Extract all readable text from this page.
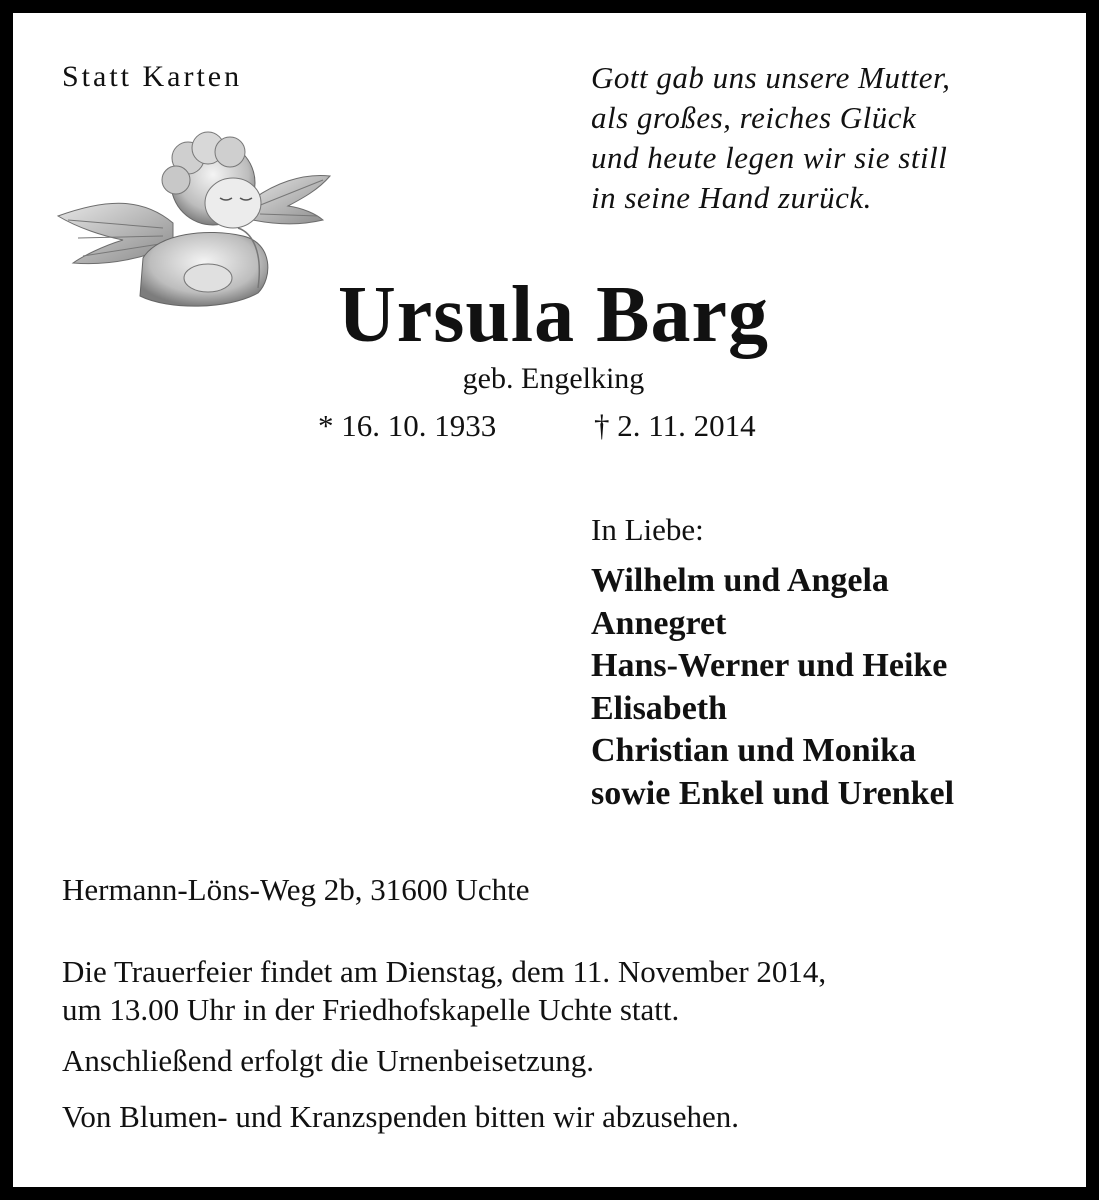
Statt Karten	Gott gab uns unsere Mutter,
als großes, reiches Glück
und heute legen wir sie still
in seine Hand zurück.
Ursula Barg
geb. Engelking
* 16. 10. 1933	† 2. 11. 2014
In Liebe:
Wilhelm und Angela
Annegret
Hans-Werner und Heike
Elisabeth
Christian und Monika
sowie Enkel und Urenkel
Hermann-Löns-Weg 2b, 31600 Uchte
Die Trauerfeier findet am Dienstag, dem 11. November 2014,
um 13.00 Uhr in der Friedhofskapelle Uchte statt.
Anschließend erfolgt die Urnenbeisetzung.
Von Blumen- und Kranzspenden bitten wir abzusehen.
